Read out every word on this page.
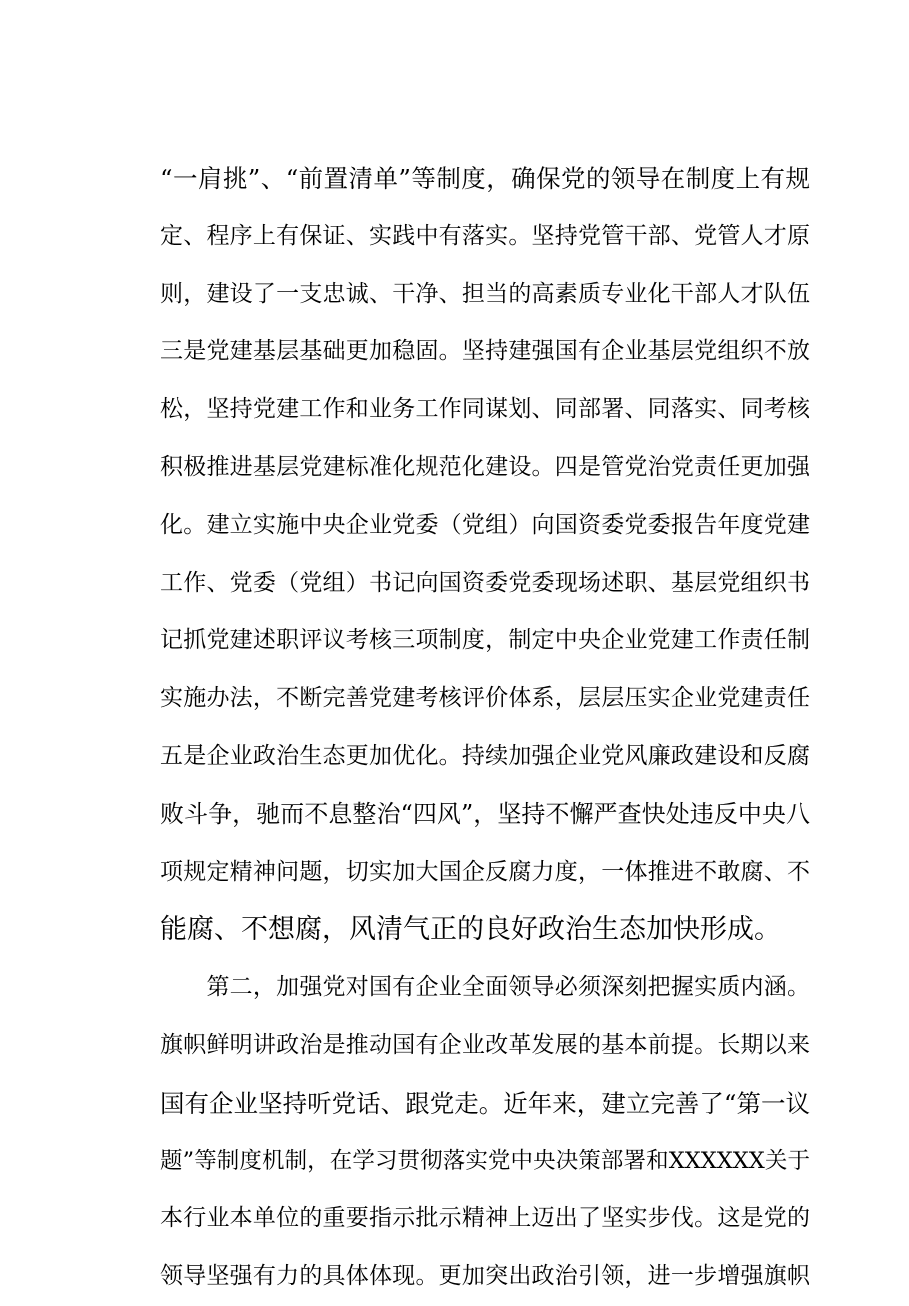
“一肩挑”、“前置清单”等制度，确保党的领导在制度上有规
定、程序上有保证、实践中有落实。坚持党管干部、党管人才原
则，建设了一支忠诚、干净、担当的高素质专业化干部人才队伍
三是党建基层基础更加稳固。坚持建强国有企业基层党组织不放
松，坚持党建工作和业务工作同谋划、同部署、同落实、同考核
积极推进基层党建标准化规范化建设。四是管党治党责任更加强
化。建立实施中央企业党委（党组）向国资委党委报告年度党建
工作、党委（党组）书记向国资委党委现场述职、基层党组织书
记抓党建述职评议考核三项制度，制定中央企业党建工作责任制
实施办法，不断完善党建考核评价体系，层层压实企业党建责任
五是企业政治生态更加优化。持续加强企业党风廉政建设和反腐
败斗争，驰而不息整治“四风”，坚持不懈严查快处违反中央八
项规定精神问题，切实加大国企反腐力度，一体推进不敢腐、不
能腐、不想腐，风清气正的良好政治生态加快形成。
　　第二，加强党对国有企业全面领导必须深刻把握实质内涵。
旗帜鲜明讲政治是推动国有企业改革发展的基本前提。长期以来
国有企业坚持听党话、跟党走。近年来，建立完善了“第一议
题”等制度机制，在学习贯彻落实党中央决策部署和XXXXXX关于
本行业本单位的重要指示批示精神上迈出了坚实步伐。这是党的
领导坚强有力的具体体现。更加突出政治引领，进一步增强旗帜
